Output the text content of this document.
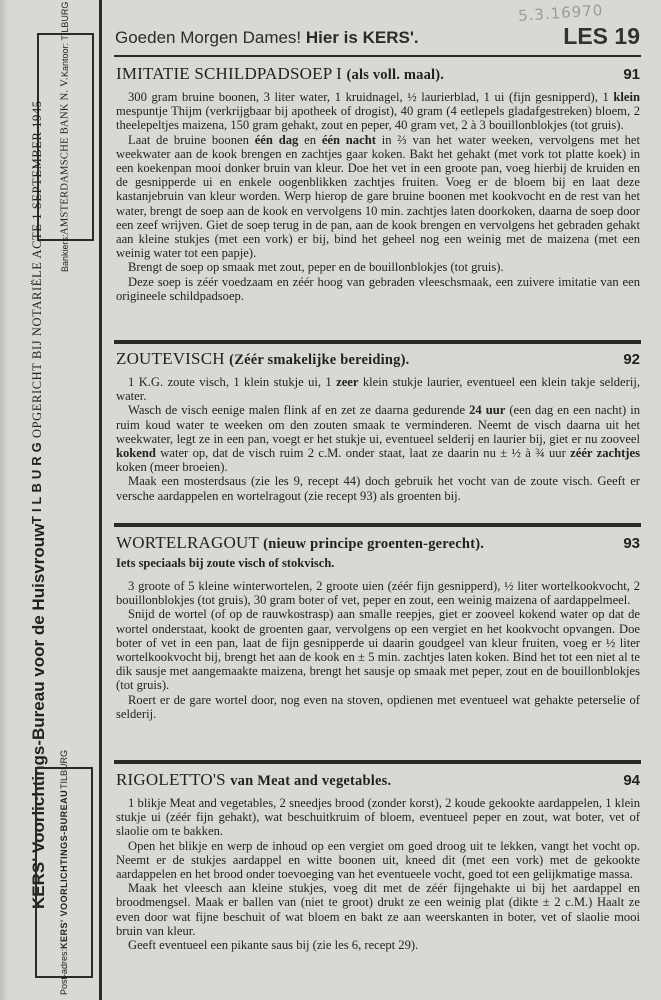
5.3.16970
Bankiers:
AMSTERDAMSCHE BANK N. V.
Kantoor: TILBURG
KERS' Voorlichtings-Bureau voor de Huisvrouw
TILBURG
OPGERICHT BIJ NOTARIËLE ACTE 1 SEPTEMBER 1945
Post-adres:
KERS' VOORLICHTINGS-BUREAU
TILBURG
Goeden Morgen Dames! Hier is KERS'.	LES 19
IMITATIE SCHILDPADSOEP I (als voll. maal).	91

300 gram bruine boonen, 3 liter water, 1 kruidnagel, ½ laurierblad, 1 ui (fijn gesnipperd), 1 klein mespuntje Thijm (verkrijgbaar bij apotheek of drogist), 40 gram (4 eetlepels gladafgestreken) bloem, 2 theelepeltjes maizena, 150 gram gehakt, zout en peper, 40 gram vet, 2 à 3 bouillonblokjes (tot gruis).

Laat de bruine boonen één dag en één nacht in ⅔ van het water weeken, vervolgens met het weekwater aan de kook brengen en zachtjes gaar koken. Bakt het gehakt (met vork tot platte koek) in een koekenpan mooi donker bruin van kleur. Doe het vet in een groote pan, voeg hierbij de kruiden en de gesnipperde ui en enkele oogenblikken zachtjes fruiten. Voeg er de bloem bij en laat deze kastanjebruin van kleur worden. Werp hierop de gare bruine boonen met kookvocht en de rest van het water, brengt de soep aan de kook en vervolgens 10 min. zachtjes laten doorkoken, daarna de soep door een zeef wrijven. Giet de soep terug in de pan, aan de kook brengen en vervolgens het gebraden gehakt aan kleine stukjes (met een vork) er bij, bind het geheel nog een weinig met de maizena (met een weinig water tot een papje).

Brengt de soep op smaak met zout, peper en de bouillonblokjes (tot gruis).

Deze soep is zéér voedzaam en zéér hoog van gebraden vleeschsmaak, een zuivere imitatie van een origineele schildpadsoep.

ZOUTEVISCH (Zéér smakelijke bereiding).	92

1 K.G. zoute visch, 1 klein stukje ui, 1 zeer klein stukje laurier, eventueel een klein takje selderij, water.

Wasch de visch eenige malen flink af en zet ze daarna gedurende 24 uur (een dag en een nacht) in ruim koud water te weeken om den zouten smaak te verminderen. Neemt de visch daarna uit het weekwater, legt ze in een pan, voegt er het stukje ui, eventueel selderij en laurier bij, giet er nu zooveel kokend water op, dat de visch ruim 2 c.M. onder staat, laat ze daarin nu ± ½ à ¾ uur zéér zachtjes koken (meer broeien).

Maak een mosterdsaus (zie les 9, recept 44) doch gebruik het vocht van de zoute visch. Geeft er versche aardappelen en wortelragout (zie recept 93) als groenten bij.

WORTELRAGOUT (nieuw principe groenten-gerecht).	93
Iets speciaals bij zoute visch of stokvisch.

3 groote of 5 kleine winterwortelen, 2 groote uien (zéér fijn gesnipperd), ½ liter wortelkookvocht, 2 bouillonblokjes (tot gruis), 30 gram boter of vet, peper en zout, een weinig maizena of aardappelmeel.

Snijd de wortel (of op de rauwkostrasp) aan smalle reepjes, giet er zooveel kokend water op dat de wortel onderstaat, kookt de groenten gaar, vervolgens op een vergiet en het kookvocht opvangen. Doe boter of vet in een pan, laat de fijn gesnipperde ui daarin goudgeel van kleur fruiten, voeg er ½ liter wortelkookvocht bij, brengt het aan de kook en ± 5 min. zachtjes laten koken. Bind het tot een niet al te dik sausje met aangemaakte maizena, brengt het sausje op smaak met peper, zout en de bouillonblokjes (tot gruis).

Roert er de gare wortel door, nog even na stoven, opdienen met eventueel wat gehakte peterselie of selderij.

RIGOLETTO'S van Meat and vegetables.	94

1 blikje Meat and vegetables, 2 sneedjes brood (zonder korst), 2 koude gekookte aardappelen, 1 klein stukje ui (zéér fijn gehakt), wat beschuitkruim of bloem, eventueel peper en zout, wat boter, vet of slaolie om te bakken.

Open het blikje en werp de inhoud op een vergiet om goed droog uit te lekken, vangt het vocht op. Neemt er de stukjes aardappel en witte boonen uit, kneed dit (met een vork) met de gekookte aardappelen en het brood onder toevoeging van het eventueele vocht, goed tot een gelijkmatige massa.

Maak het vleesch aan kleine stukjes, voeg dit met de zéér fijngehakte ui bij het aardappel en broodmengsel. Maak er ballen van (niet te groot) drukt ze een weinig plat (dikte ± 2 c.M.) Haalt ze even door wat fijne beschuit of wat bloem en bakt ze aan weerskanten in boter, vet of slaolie mooi bruin van kleur.

Geeft eventueel een pikante saus bij (zie les 6, recept 29).
